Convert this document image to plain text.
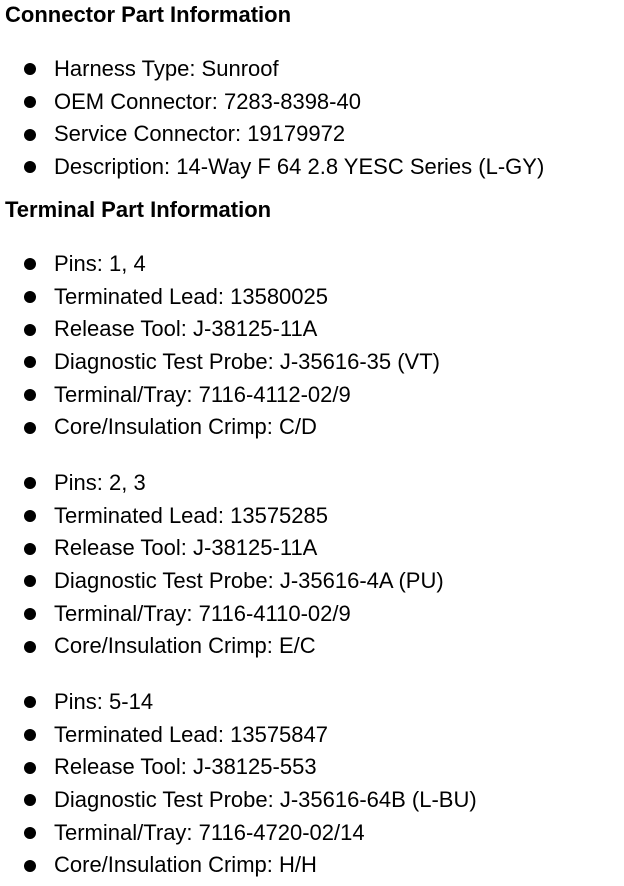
Connector Part Information
Harness Type: Sunroof
OEM Connector: 7283-8398-40
Service Connector: 19179972
Description: 14-Way F 64 2.8 YESC Series (L-GY)
Terminal Part Information
Pins: 1, 4
Terminated Lead: 13580025
Release Tool: J-38125-11A
Diagnostic Test Probe: J-35616-35 (VT)
Terminal/Tray: 7116-4112-02/9
Core/Insulation Crimp: C/D
Pins: 2, 3
Terminated Lead: 13575285
Release Tool: J-38125-11A
Diagnostic Test Probe: J-35616-4A (PU)
Terminal/Tray: 7116-4110-02/9
Core/Insulation Crimp: E/C
Pins: 5-14
Terminated Lead: 13575847
Release Tool: J-38125-553
Diagnostic Test Probe: J-35616-64B (L-BU)
Terminal/Tray: 7116-4720-02/14
Core/Insulation Crimp: H/H
